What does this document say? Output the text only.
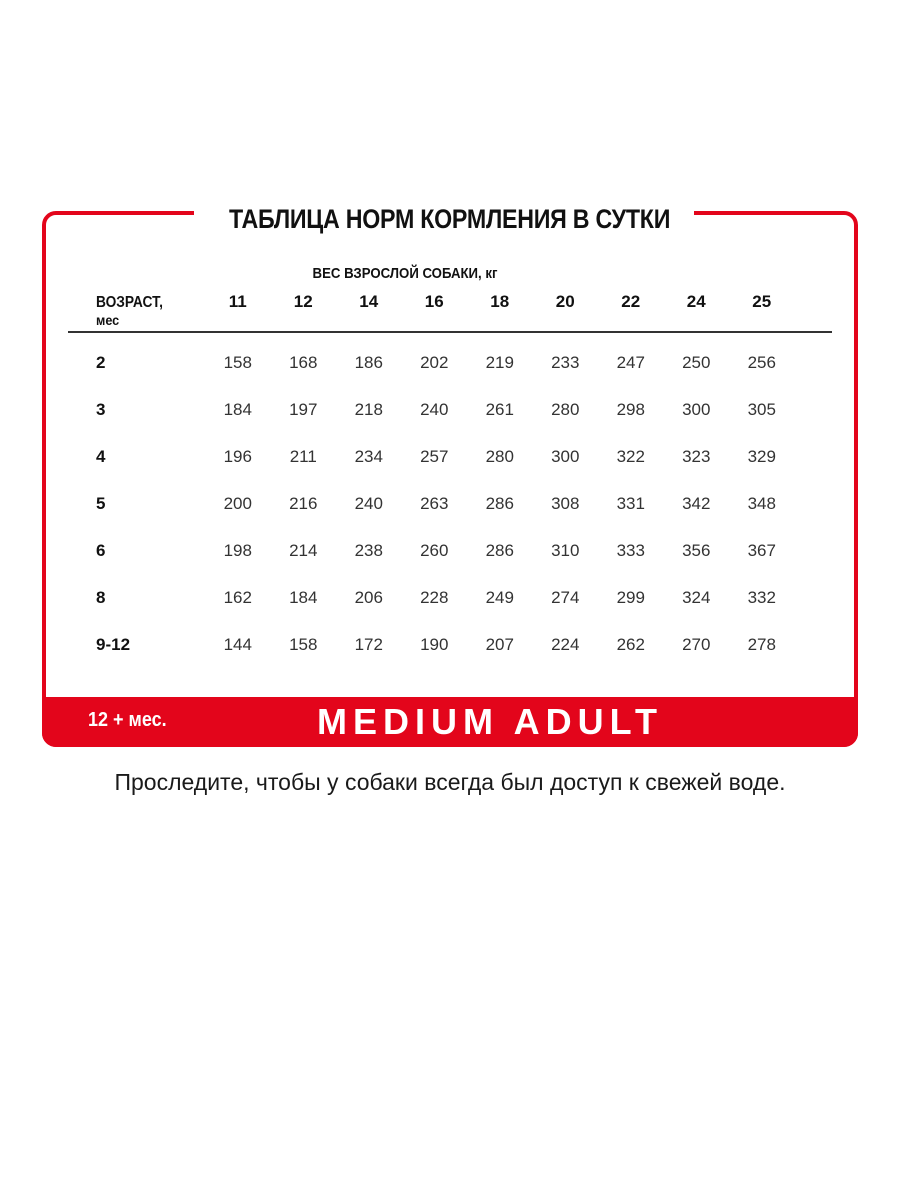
ТАБЛИЦА НОРМ КОРМЛЕНИЯ В СУТКИ
ВЕС ВЗРОСЛОЙ СОБАКИ, кг
ВОЗРАСТ,
мес
11	12	14	16	18	20	22	24	25
2	158	168	186	202	219	233	247	250	256
3	184	197	218	240	261	280	298	300	305
4	196	211	234	257	280	300	322	323	329
5	200	216	240	263	286	308	331	342	348
6	198	214	238	260	286	310	333	356	367
8	162	184	206	228	249	274	299	324	332
9-12	144	158	172	190	207	224	262	270	278
12 + мес.	MEDIUM ADULT
Проследите, чтобы у собаки всегда был доступ к свежей воде.
